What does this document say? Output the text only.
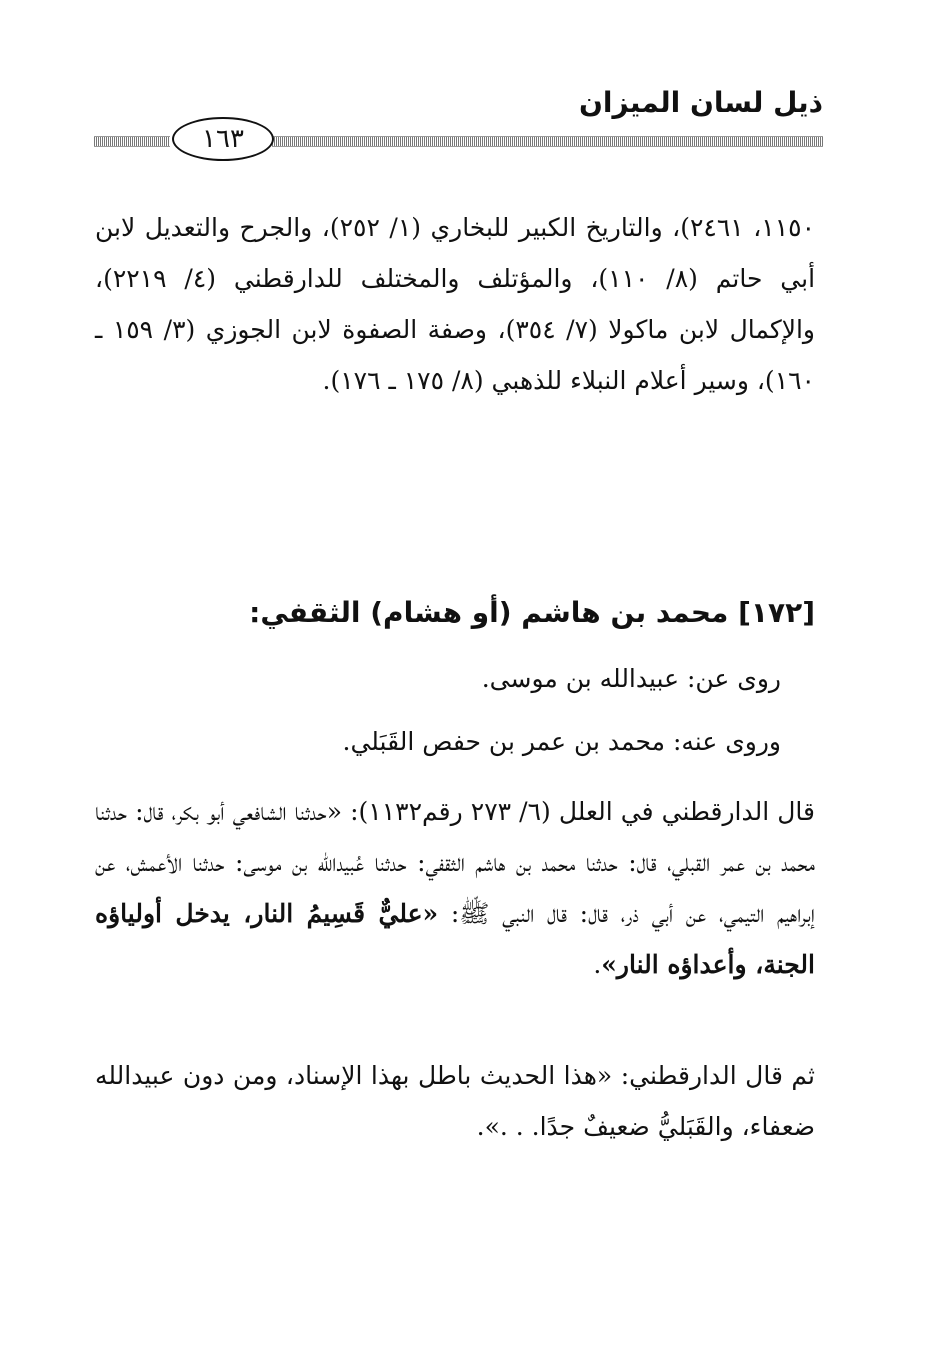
ذيل لسان الميزان
١٦٣
١١٥٠، ٢٤٦١)، والتاريخ الكبير للبخاري (١/ ٢٥٢)، والجرح والتعديل لابن أبي حاتم (٨/ ١١٠)، والمؤتلف والمختلف للدارقطني (٤/ ٢٢١٩)، والإكمال لابن ماكولا (٧/ ٣٥٤)، وصفة الصفوة لابن الجوزي (٣/ ١٥٩ ـ ١٦٠)، وسير أعلام النبلاء للذهبي (٨/ ١٧٥ ـ ١٧٦).
[١٧٢] محمد بن هاشم (أو هشام) الثقفي:
روى عن: عبيدالله بن موسى.
وروى عنه: محمد بن عمر بن حفص القَبَلي.
قال الدارقطني في العلل (٦/ ٢٧٣ رقم١١٣٢): «حدثنا الشافعي أبو بكر، قال: حدثنا محمد بن عمر القبلي، قال: حدثنا محمد بن هاشم الثقفي: حدثنا عُبيدالله بن موسى: حدثنا الأعمش، عن إبراهيم التيمي، عن أبي ذر، قال: قال النبي ﷺ: «عليٌّ قَسِيمُ النار، يدخل أولياؤه الجنة، وأعداؤه النار».
ثم قال الدارقطني: «هذا الحديث باطل بهذا الإسناد، ومن دون عبيدالله ضعفاء، والقَبَليُّ ضعيفٌ جدًا. . .».
